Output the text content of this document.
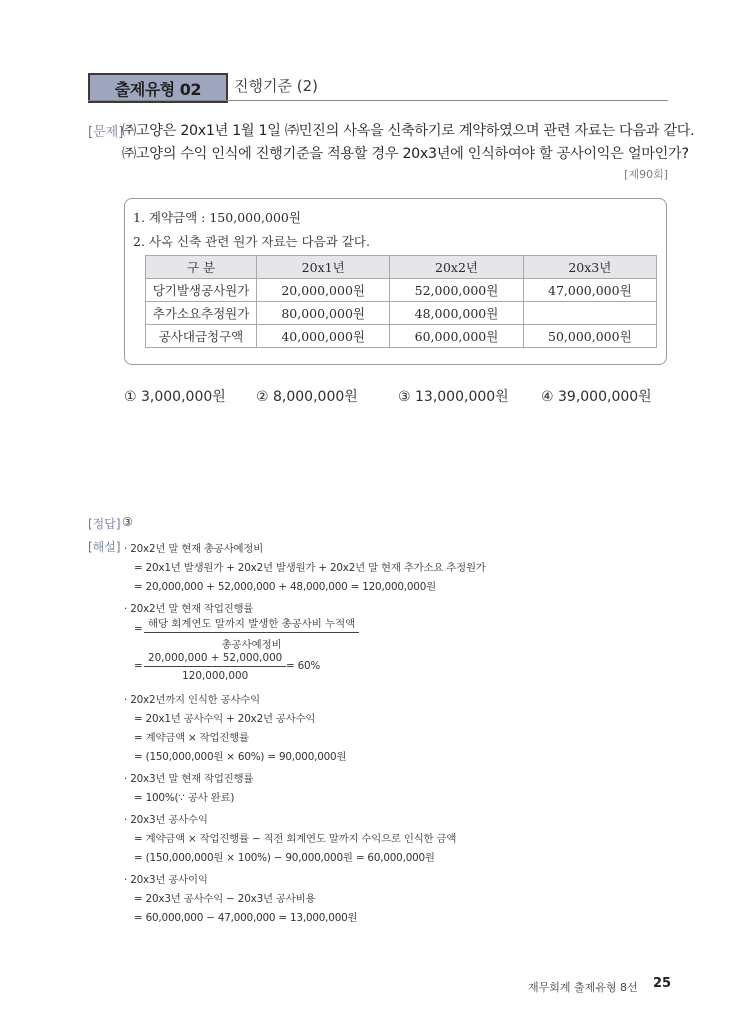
출제유형 02	진행기준 (2)
[문제]
㈜고양은 20x1년 1월 1일 ㈜민진의 사옥을 신축하기로 계약하였으며 관련 자료는 다음과 같다.
㈜고양의 수익 인식에 진행기준을 적용할 경우 20x3년에 인식하여야 할 공사이익은 얼마인가?
[제90회]
1. 계약금액 : 150,000,000원
2. 사옥 신축 관련 원가 자료는 다음과 같다.
구 분	20x1년	20x2년	20x3년
당기발생공사원가	20,000,000원	52,000,000원	47,000,000원
추가소요추정원가	80,000,000원	48,000,000원	
공사대금청구액	40,000,000원	60,000,000원	50,000,000원
① 3,000,000원 ② 8,000,000원	③ 13,000,000원 ④ 39,000,000원
[정답] ③
[해설] · 20x2년 말 현재 총공사예정비
= 20x1년 발생원가 + 20x2년 발생원가 + 20x2년 말 현재 추가소요 추정원가
= 20,000,000 + 52,000,000 + 48,000,000 = 120,000,000원
· 20x2년 말 현재 작업진행률
= 해당 회계연도 말까지 발생한 총공사비 누적액
총공사예정비
= $\frac{20,000,000 + 52,000,000}{120,000,000} = 60\%$
· 20x2년까지 인식한 공사수익
= 20x1년 공사수익 + 20x2년 공사수익
= 계약금액 × 작업진행률
= (150,000,000원 × 60%) = 90,000,000원
· 20x3년 말 현재 작업진행률
= 100%(∵ 공사 완료)
· 20x3년 공사수익
= 계약금액 × 작업진행률 − 직전 회계연도 말까지 수익으로 인식한 금액
= (150,000,000원 × 100%) − 90,000,000원 = 60,000,000원
· 20x3년 공사이익
= 20x3년 공사수익 − 20x3년 공사비용
= 60,000,000 − 47,000,000 = 13,000,000원
재무회계 출제유형 8선 25
